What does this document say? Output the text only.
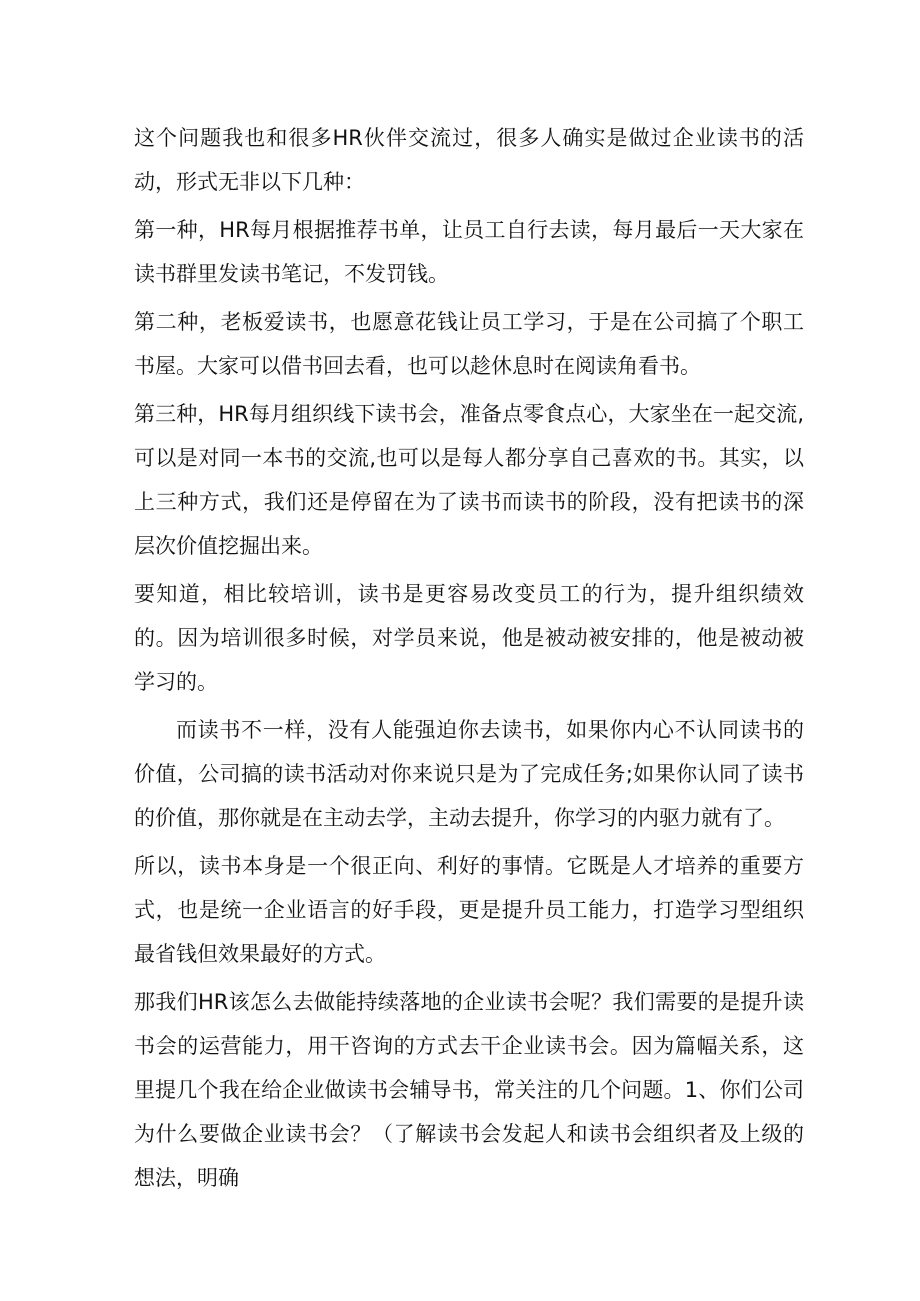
这个问题我也和很多HR伙伴交流过，很多人确实是做过企业读书的活动，形式无非以下几种：

第一种，HR每月根据推荐书单，让员工自行去读，每月最后一天大家在读书群里发读书笔记，不发罚钱。

第二种，老板爱读书，也愿意花钱让员工学习，于是在公司搞了个职工书屋。大家可以借书回去看，也可以趁休息时在阅读角看书。

第三种，HR每月组织线下读书会，准备点零食点心，大家坐在一起交流,可以是对同一本书的交流,也可以是每人都分享自己喜欢的书。其实，以上三种方式，我们还是停留在为了读书而读书的阶段，没有把读书的深层次价值挖掘出来。

要知道，相比较培训，读书是更容易改变员工的行为，提升组织绩效的。因为培训很多时候，对学员来说，他是被动被安排的，他是被动被学习的。

而读书不一样，没有人能强迫你去读书，如果你内心不认同读书的价值，公司搞的读书活动对你来说只是为了完成任务;如果你认同了读书的价值，那你就是在主动去学，主动去提升，你学习的内驱力就有了。

所以，读书本身是一个很正向、利好的事情。它既是人才培养的重要方式，也是统一企业语言的好手段，更是提升员工能力，打造学习型组织最省钱但效果最好的方式。

那我们HR该怎么去做能持续落地的企业读书会呢？我们需要的是提升读书会的运营能力，用干咨询的方式去干企业读书会。因为篇幅关系，这里提几个我在给企业做读书会辅导书，常关注的几个问题。1、你们公司为什么要做企业读书会？（了解读书会发起人和读书会组织者及上级的想法，明确
